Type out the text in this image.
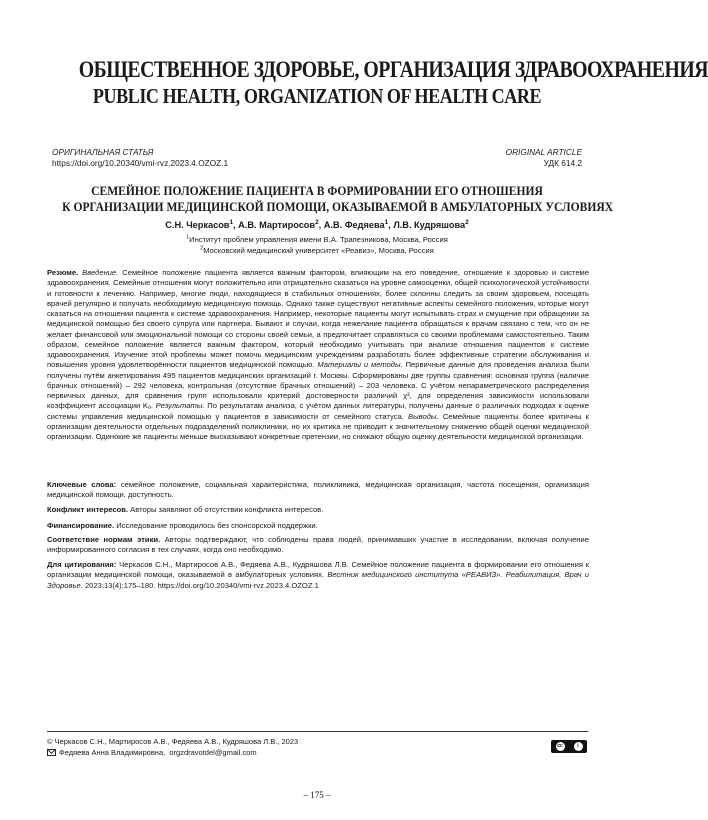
ОБЩЕСТВЕННОЕ ЗДОРОВЬЕ, ОРГАНИЗАЦИЯ ЗДРАВООХРАНЕНИЯ
PUBLIC HEALTH, ORGANIZATION OF HEALTH CARE
ОРИГИНАЛЬНАЯ СТАТЬЯ
https://doi.org/10.20340/vmi-rvz.2023.4.OZOZ.1
ORIGINAL ARTICLE
УДК 614.2
СЕМЕЙНОЕ ПОЛОЖЕНИЕ ПАЦИЕНТА В ФОРМИРОВАНИИ ЕГО ОТНОШЕНИЯ
К ОРГАНИЗАЦИИ МЕДИЦИНСКОЙ ПОМОЩИ, ОКАЗЫВАЕМОЙ В АМБУЛАТОРНЫХ УСЛОВИЯХ
С.Н. Черкасов$^1$, А.В. Мартиросов$^2$, А.В. Федяева$^1$, Л.В. Кудряшова$^2$
$^1$Институт проблем управления имени В.А. Трапезникова, Москва, Россия
$^2$Московский медицинский университет «Реавиз», Москва, Россия
Резюме. Введение. Семейное положение пациента является важным фактором, влияющим на его поведение, отношение к здоровью и системе здравоохранения. Семейные отношения могут положительно или отрицательно сказаться на уровне самооценки, общей психологической устойчивости и готовности к лечению. Например, многие люди, находящиеся в стабильных отношениях, более склонны следить за своим здоровьем, посещать врачей регулярно и получать необходимую медицинскую помощь. Однако также существуют негативные аспекты семейного положения, которые могут сказаться на отношении пациента к системе здравоохранения. Например, некоторые пациенты могут испытывать страх и смущение при обращении за медицинской помощью без своего супруга или партнера. Бывают и случаи, когда нежелание пациента обращаться к врачам связано с тем, что он не желает финансовой или эмоциональной помощи со стороны своей семьи, а предпочитает справляться со своими проблемами самостоятельно. Таким образом, семейное положение является важным фактором, который необходимо учитывать при анализе отношения пациентов к системе здравоохранения. Изучение этой проблемы может помочь медицинским учреждениям разработать более эффективные стратегии обслуживания и повышения уровня удовлетворённости пациентов медицинской помощью. Материалы и методы. Первичные данные для проведения анализа были получены путём анкетирования 495 пациентов медицинских организаций г. Москвы. Сформированы две группы сравнения: основная группа (наличие брачных отношений) – 292 человека, контрольная (отсутствие брачных отношений) – 203 человека. С учётом непараметрического распределения первичных данных, для сравнения групп использовали критерий достоверности различий χ², для определения зависимости использовали коэффициент ассоциации Kₐ. Результаты. По результатам анализа, с учётом данных литературы, получены данные о различных подходах к оценке системы управления медицинской помощью у пациентов в зависимости от семейного статуса. Выводы. Семейные пациенты более критичны к организации деятельности отдельных подразделений поликлиники, но их критика не приводит к значительному снижению общей оценки медицинской организации. Одинокие же пациенты меньше высказывают конкретные претензии, но снижают общую оценку деятельности медицинской организации.
Ключевые слова: семейное положение, социальная характеристика, поликлиника, медицинская организация, частота посещения, организация медицинской помощи, доступность.
Конфликт интересов. Авторы заявляют об отсутствии конфликта интересов.
Финансирование. Исследование проводилось без спонсорской поддержки.
Соответствие нормам этики. Авторы подтверждают, что соблюдены права людей, принимавших участие в исследовании, включая получение информированного согласия в тех случаях, когда оно необходимо.
Для цитирования: Черкасов С.Н., Мартиросов А.В., Федяева А.В., Кудряшова Л.В. Семейное положение пациента в формировании его отношения к организации медицинской помощи, оказываемой в амбулаторных условиях. Вестник медицинского института «РЕАВИЗ». Реабилитация, Врач и Здоровье. 2023;13(4):175–180. https://doi.org/10.20340/vmi-rvz.2023.4.OZOZ.1
© Черкасов С.Н., Мартиросов А.В., Федяева А.В., Кудряшова Л.В., 2023
Федяева Анна Владимировна, orgzdravotdel@gmail.com
cc	i
– 175 –
